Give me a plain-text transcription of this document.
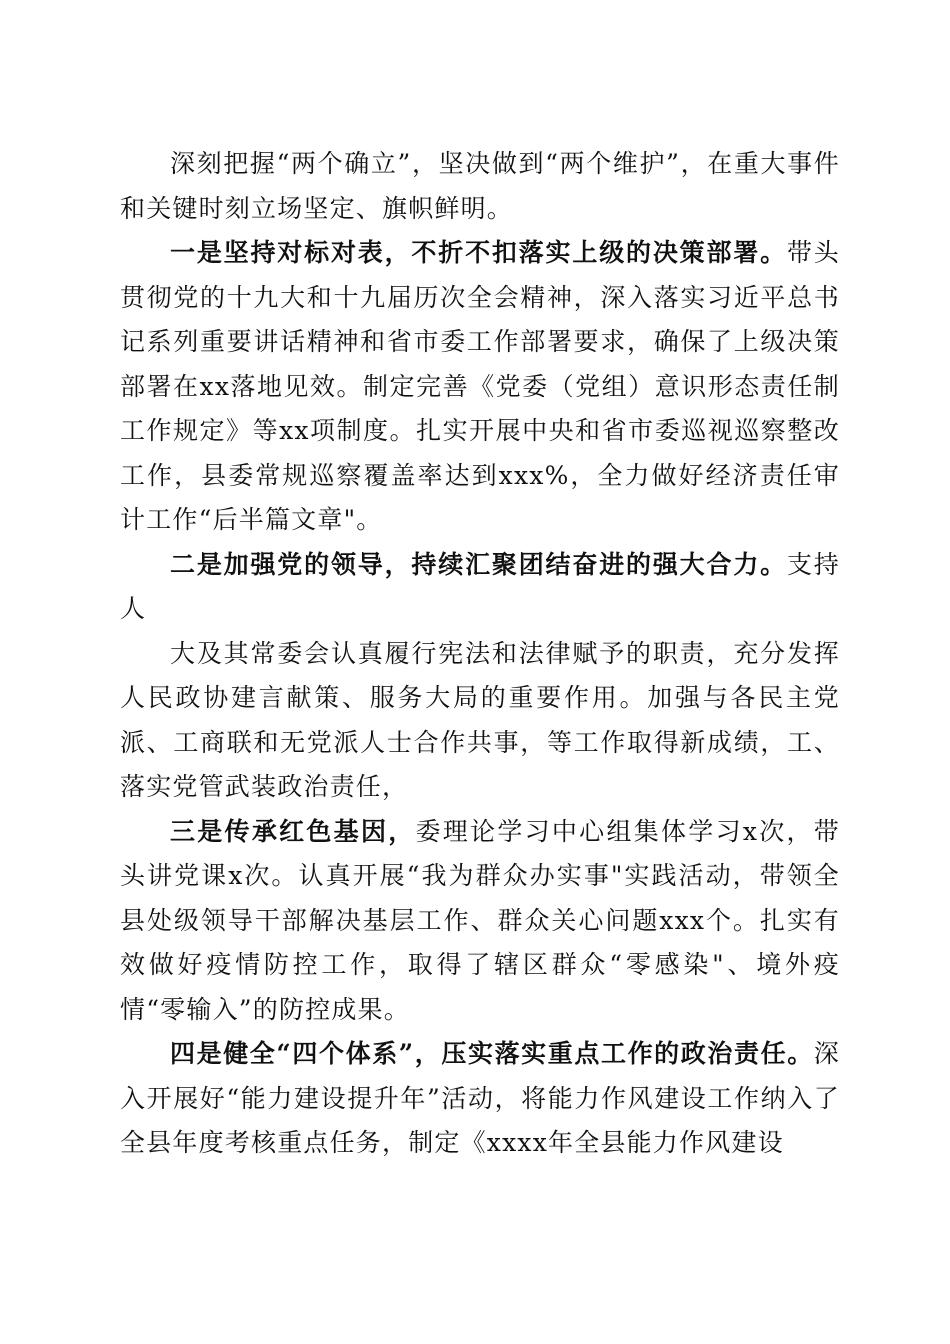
深刻把握“两个确立”，坚决做到“两个维护”，在重大事件和关键时刻立场坚定、旗帜鲜明。

一是坚持对标对表，不折不扣落实上级的决策部署。带头贯彻党的十九大和十九届历次全会精神，深入落实习近平总书记系列重要讲话精神和省市委工作部署要求，确保了上级决策部署在xx落地见效。制定完善《党委（党组）意识形态责任制工作规定》等xx项制度。扎实开展中央和省市委巡视巡察整改工作，县委常规巡察覆盖率达到xxx%，全力做好经济责任审计工作“后半篇文章"。

二是加强党的领导，持续汇聚团结奋进的强大合力。支持人

大及其常委会认真履行宪法和法律赋予的职责，充分发挥人民政协建言献策、服务大局的重要作用。加强与各民主党派、工商联和无党派人士合作共事，等工作取得新成绩，工、落实党管武装政治责任，

三是传承红色基因，委理论学习中心组集体学习x次，带头讲党课x次。认真开展“我为群众办实事"实践活动，带领全县处级领导干部解决基层工作、群众关心问题xxx个。扎实有效做好疫情防控工作，取得了辖区群众“零感染"、境外疫情“零输入”的防控成果。

四是健全“四个体系”，压实落实重点工作的政治责任。深入开展好“能力建设提升年”活动，将能力作风建设工作纳入了全县年度考核重点任务，制定《xxxx年全县能力作风建设
